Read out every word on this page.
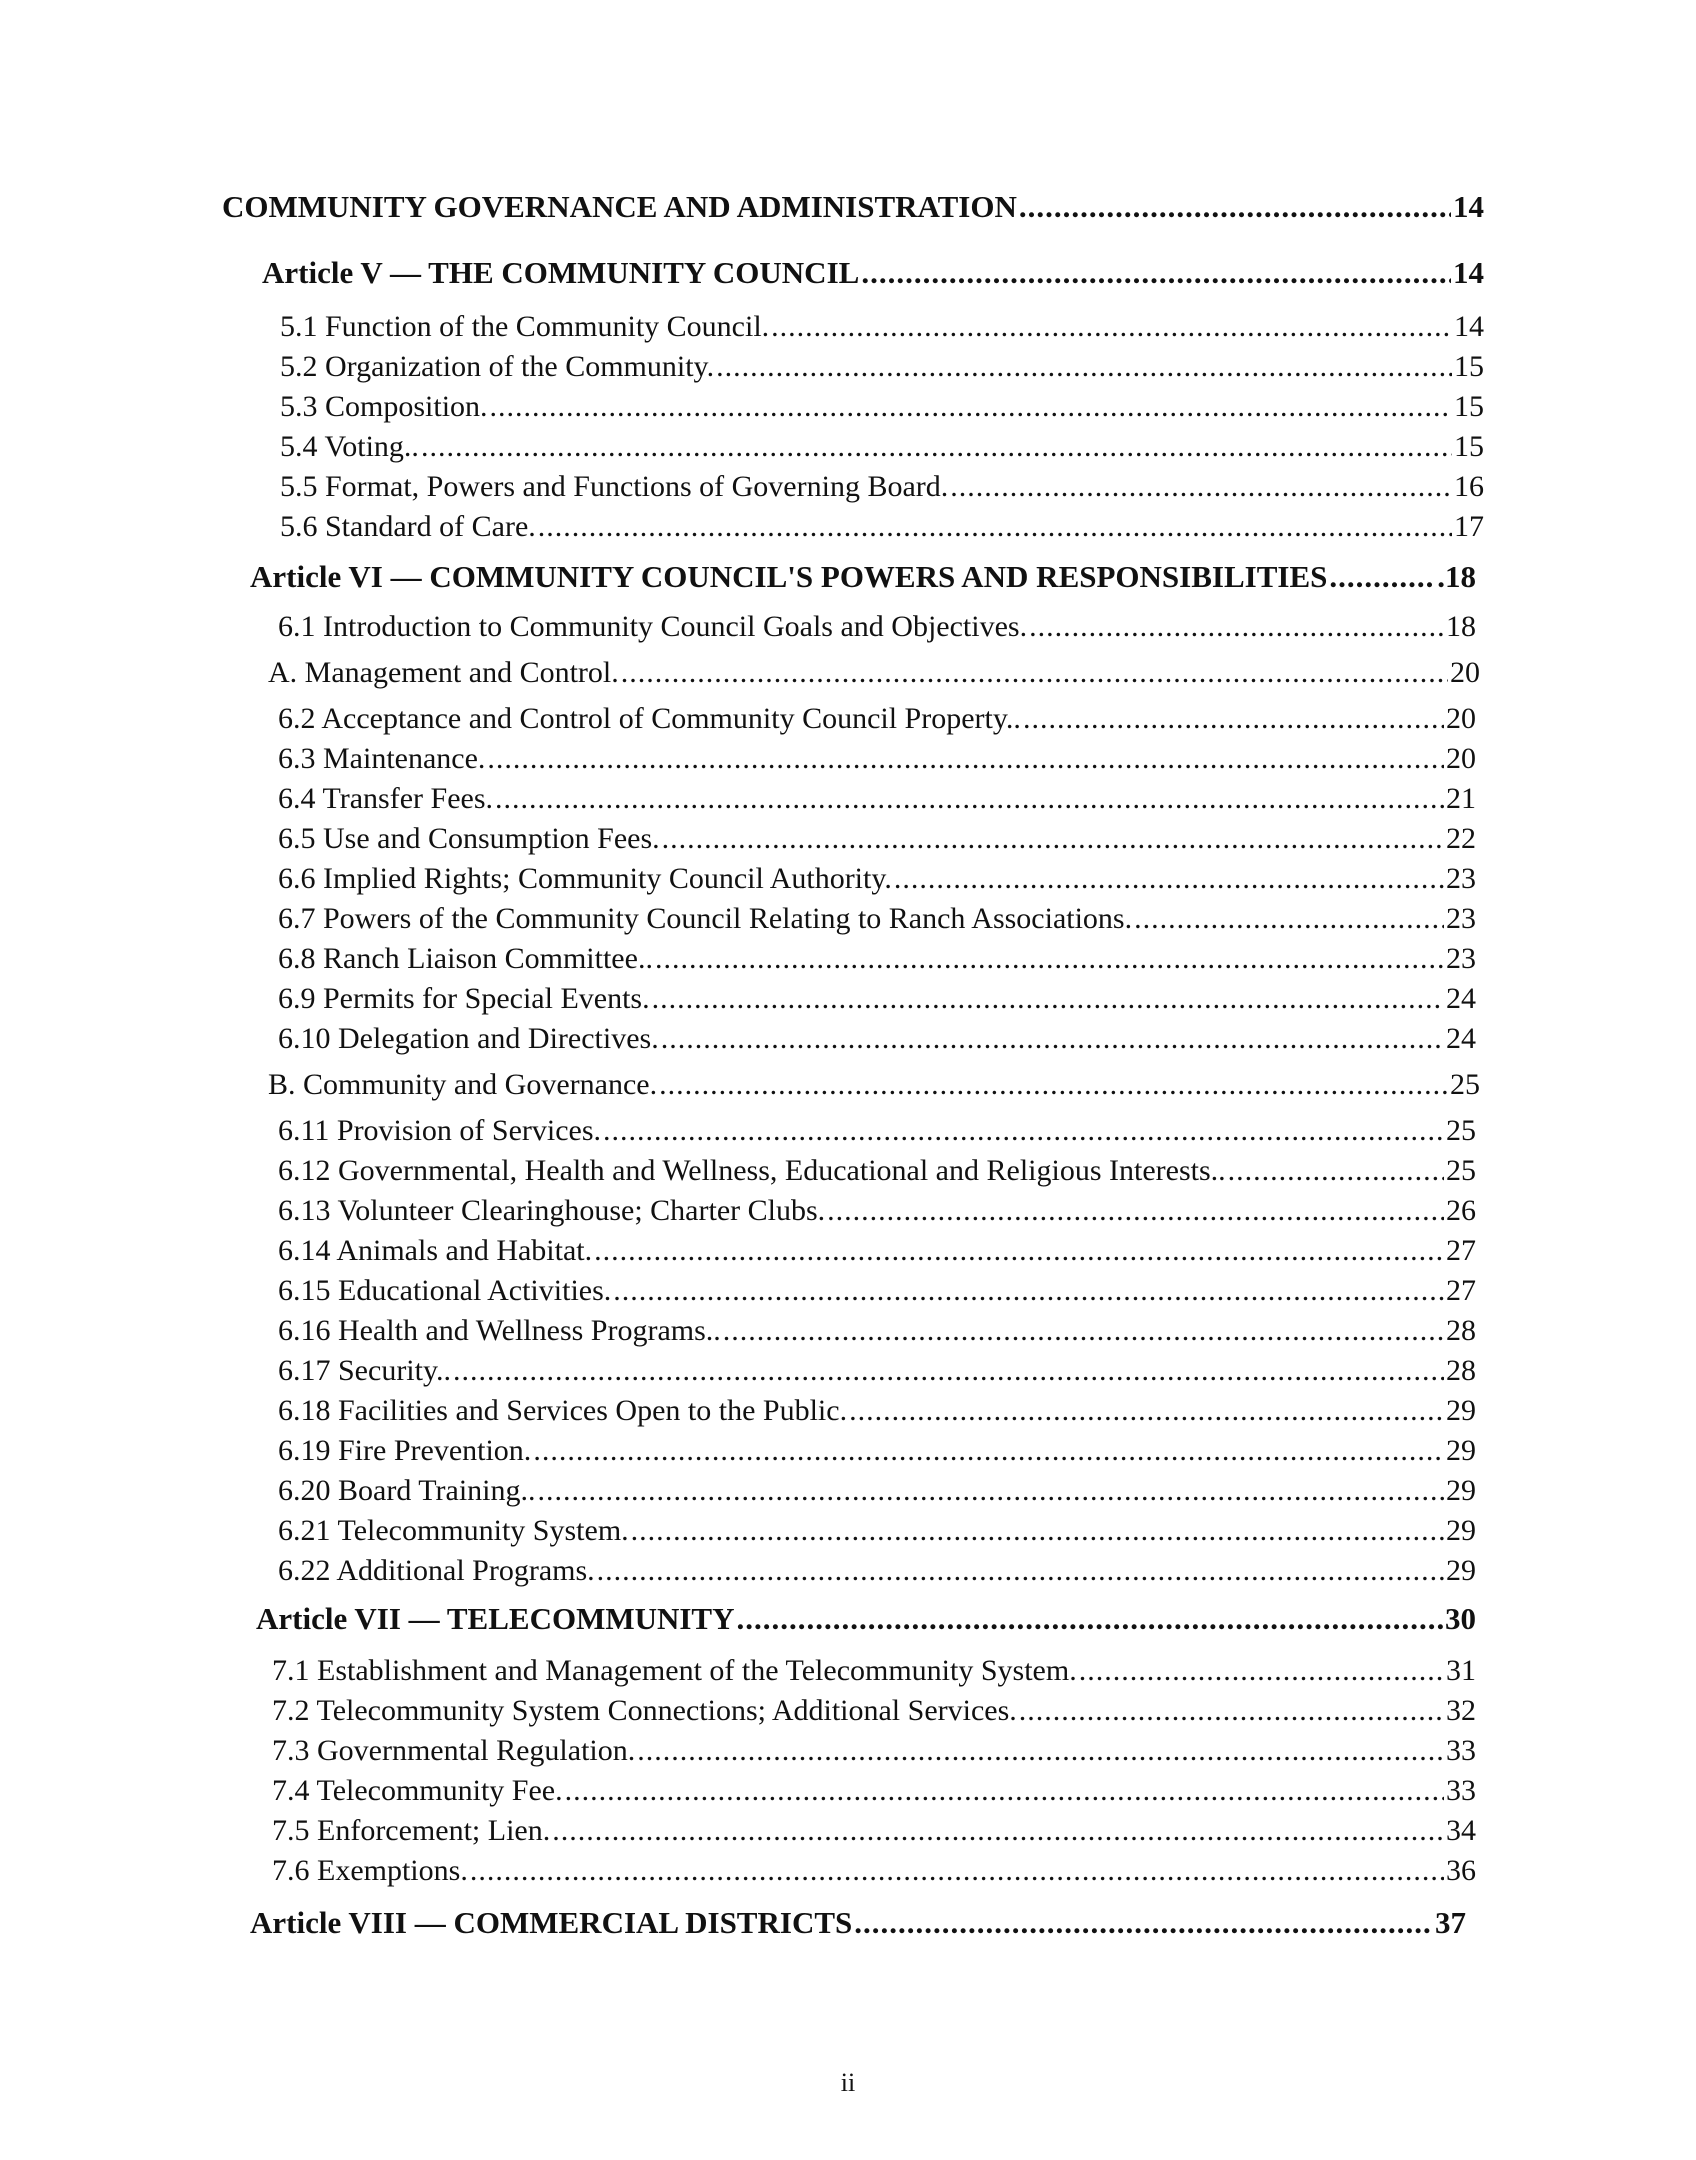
COMMUNITY GOVERNANCE AND ADMINISTRATION .....	14
Article V — THE COMMUNITY COUNCIL .....	14
5.1 Function of the Community Council. .....	14
5.2 Organization of the Community. .....	15
5.3 Composition. .....	15
5.4 Voting.. .....	15
5.5 Format, Powers and Functions of Governing Board. .....	16
5.6 Standard of Care. .....	17
Article VI — COMMUNITY COUNCIL'S POWERS AND RESPONSIBILITIES .....	.18
6.1 Introduction to Community Council Goals and Objectives. .....	18
A. Management and Control. .....	20
6.2 Acceptance and Control of Community Council Property.. .....	20
6.3 Maintenance. .....	20
6.4 Transfer Fees. .....	21
6.5 Use and Consumption Fees. .....	22
6.6 Implied Rights; Community Council Authority. .....	23
6.7 Powers of the Community Council Relating to Ranch Associations. .....	23
6.8 Ranch Liaison Committee.. .....	23
6.9 Permits for Special Events. .....	24
6.10 Delegation and Directives. .....	24
B. Community and Governance. .....	25
6.11 Provision of Services. .....	25
6.12 Governmental, Health and Wellness, Educational and Religious Interests.. .....	25
6.13 Volunteer Clearinghouse; Charter Clubs. .....	26
6.14 Animals and Habitat. .....	27
6.15 Educational Activities. .....	27
6.16 Health and Wellness Programs.. .....	28
6.17 Security.. .....	28
6.18 Facilities and Services Open to the Public. .....	29
6.19 Fire Prevention. .....	29
6.20 Board Training.. .....	29
6.21 Telecommunity System. .....	29
6.22 Additional Programs. .....	29
Article VII — TELECOMMUNITY .....	30
7.1 Establishment and Management of the Telecommunity System. .....	31
7.2 Telecommunity System Connections; Additional Services. .....	32
7.3 Governmental Regulation. .....	33
7.4 Telecommunity Fee. .....	33
7.5 Enforcement; Lien. .....	34
7.6 Exemptions. .....	36
Article VIII — COMMERCIAL DISTRICTS .....	37
ii
